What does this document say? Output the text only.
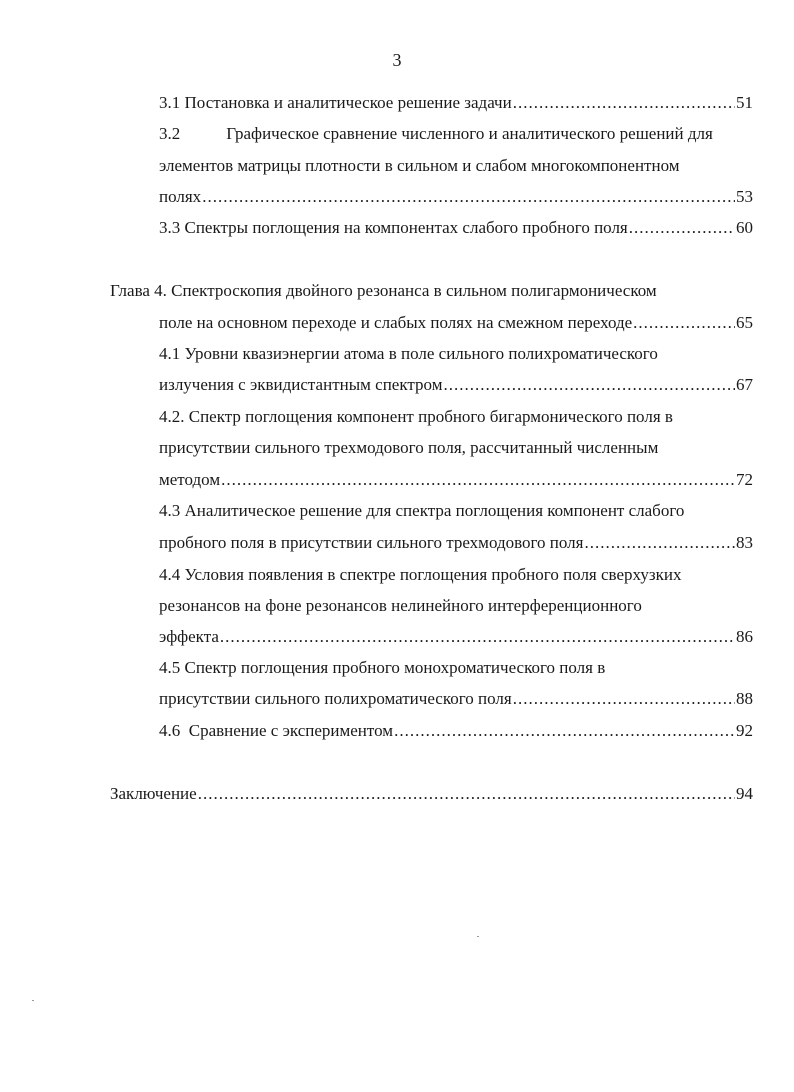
3
3.1 Постановка и аналитическое решение задачи .....	51
3.2	Графическое сравнение численного и аналитического решений для
элементов матрицы плотности в сильном и слабом многокомпонентном
полях .....	53
3.3 Спектры поглощения на компонентах слабого пробного поля .....	60
Глава 4. Спектроскопия двойного резонанса в сильном полигармоническом
поле на основном переходе и слабых полях на смежном переходе .....	65
4.1 Уровни квазиэнергии атома в поле сильного полихроматического
излучения с эквидистантным спектром .....	67
4.2. Спектр поглощения компонент пробного бигармонического поля в
присутствии сильного трехмодового поля, рассчитанный численным
методом .....	72
4.3 Аналитическое решение для спектра поглощения компонент слабого
пробного поля в присутствии сильного трехмодового поля .....	83
4.4 Условия появления в спектре поглощения пробного поля сверхузких
резонансов на фоне резонансов нелинейного интерференционного
эффекта .....	86
4.5 Спектр поглощения пробного монохроматического поля в
присутствии сильного полихроматического поля .....	88
4.6  Сравнение с экспериментом .....	92
Заключение .....	94
